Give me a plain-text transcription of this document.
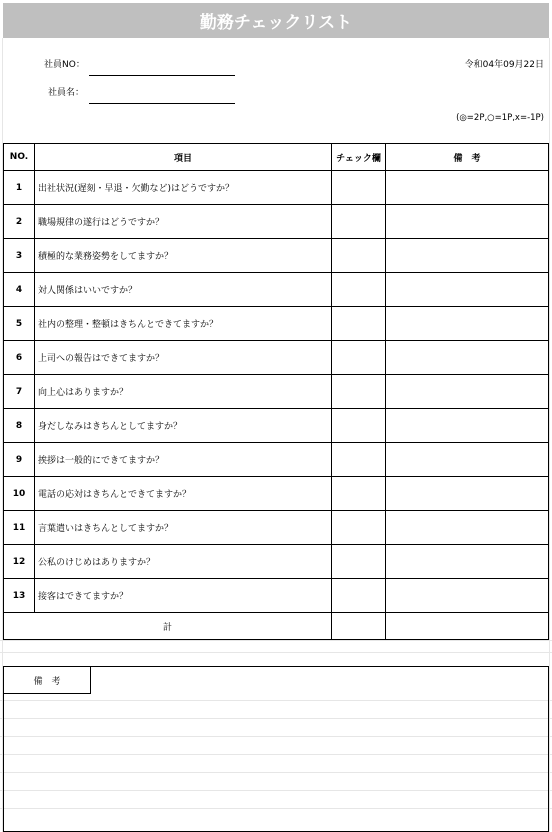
勤務チェックリスト
社員NO：
社員名：
令和04年09月22日
(◎=2P,○=1P,x=-1P)
NO.	項目	チェック欄	備　考
1	出社状況(遅刻・早退・欠勤など)はどうですか？		
2	職場規律の遂行はどうですか？		
3	積極的な業務姿勢をしてますか？		
4	対人関係はいいですか？		
5	社内の整理・整頓はきちんとできてますか？		
6	上司への報告はできてますか？		
7	向上心はありますか？		
8	身だしなみはきちんとしてますか？		
9	挨拶は一般的にできてますか？		
10	電話の応対はきちんとできてますか？		
11	言葉遣いはきちんとしてますか？		
12	公私のけじめはありますか？		
13	接客はできてますか？		
計			
備　考
